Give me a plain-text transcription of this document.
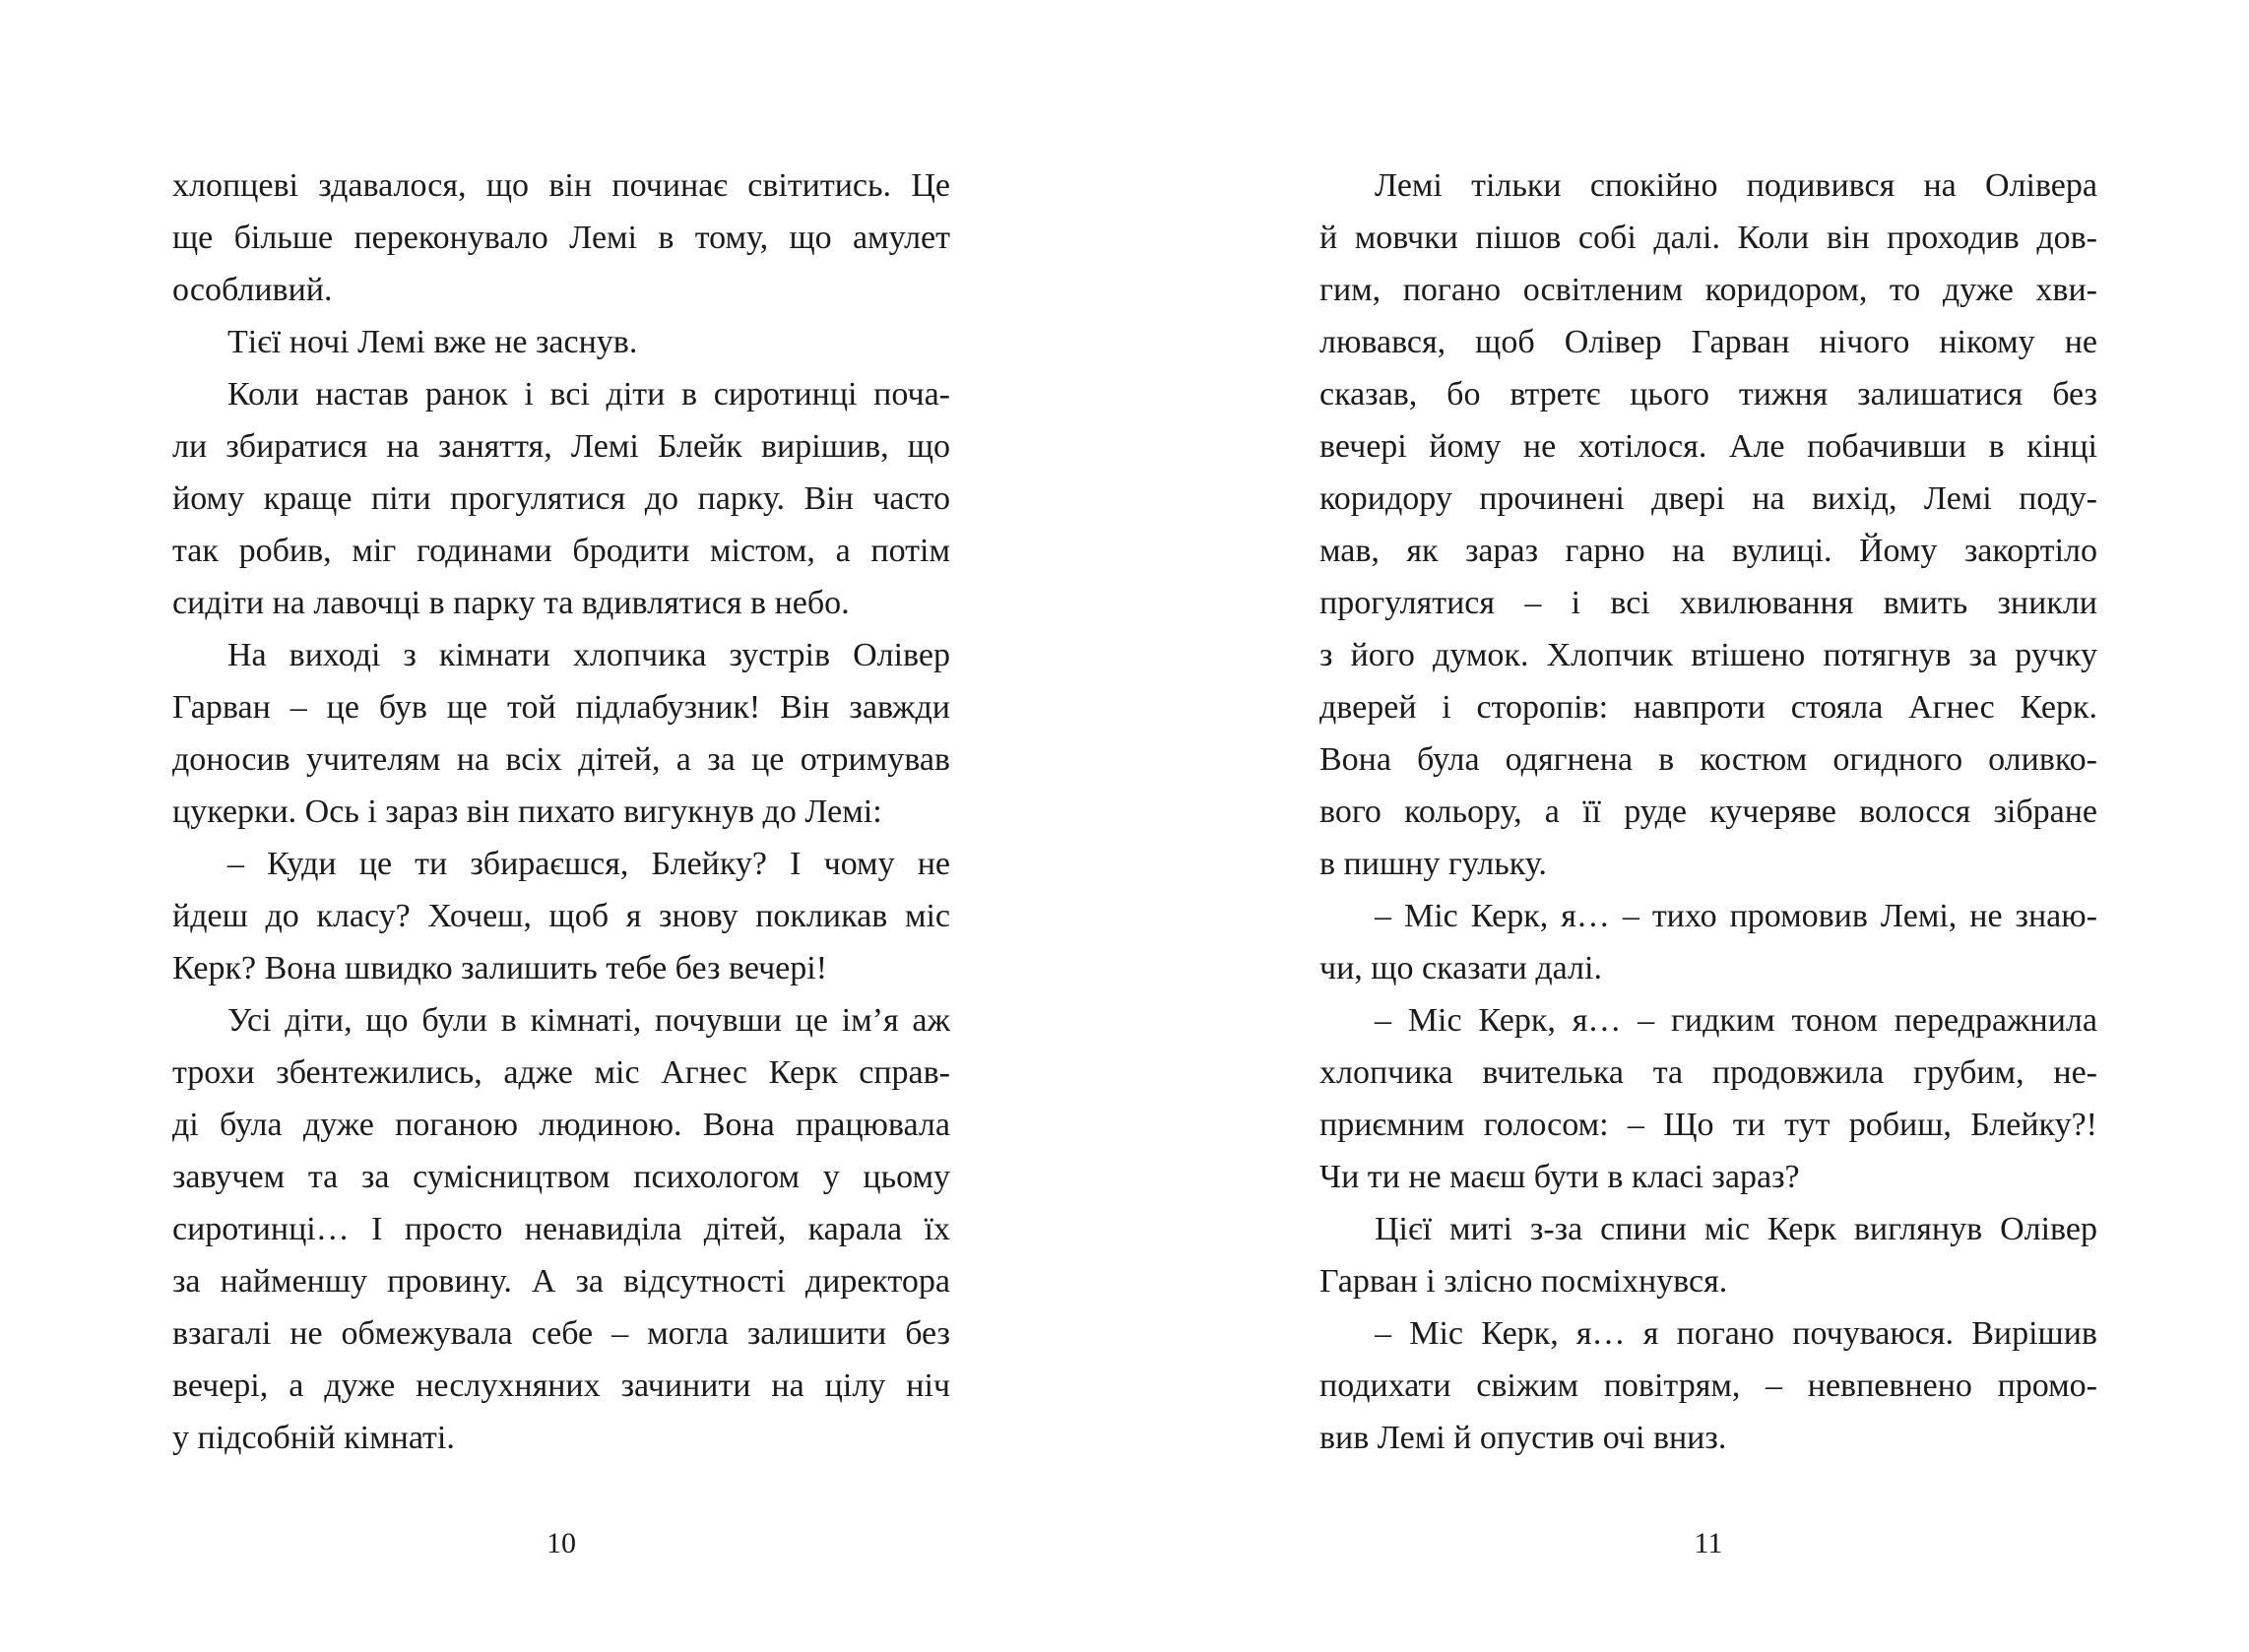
хлопцеві здавалося, що він починає світитись. Це
ще більше переконувало Лемі в тому, що амулет
особливий.
Тієї ночі Лемі вже не заснув.
Коли настав ранок і всі діти в сиротинці поча-
ли збиратися на заняття, Лемі Блейк вирішив, що
йому краще піти прогулятися до парку. Він часто
так робив, міг годинами бродити містом, а потім
сидіти на лавочці в парку та вдивлятися в небо.
На виході з кімнати хлопчика зустрів Олівер
Гарван – це був ще той підлабузник! Він завжди
доносив учителям на всіх дітей, а за це отримував
цукерки. Ось і зараз він пихато вигукнув до Лемі:
– Куди це ти збираєшся, Блейку? І чому не
йдеш до класу? Хочеш, щоб я знову покликав міс
Керк? Вона швидко залишить тебе без вечері!
Усі діти, що були в кімнаті, почувши це ім’я аж
трохи збентежились, адже міс Агнес Керк справ-
ді була дуже поганою людиною. Вона працювала
завучем та за сумісництвом психологом у цьому
сиротинці… І просто ненавиділа дітей, карала їх
за найменшу провину. А за відсутності директора
взагалі не обмежувала себе – могла залишити без
вечері, а дуже неслухняних зачинити на цілу ніч
у підсобній кімнаті.
10
Лемі тільки спокійно подивився на Олівера
й мовчки пішов собі далі. Коли він проходив дов-
гим, погано освітленим коридором, то дуже хви-
лювався, щоб Олівер Гарван нічого нікому не
сказав, бо втретє цього тижня залишатися без
вечері йому не хотілося. Але побачивши в кінці
коридору прочинені двері на вихід, Лемі поду-
мав, як зараз гарно на вулиці. Йому закортіло
прогулятися – і всі хвилювання вмить зникли
з його думок. Хлопчик втішено потягнув за ручку
дверей і сторопів: навпроти стояла Агнес Керк.
Вона була одягнена в костюм огидного оливко-
вого кольору, а її руде кучеряве волосся зібране
в пишну гульку.
– Міс Керк, я… – тихо промовив Лемі, не знаю-
чи, що сказати далі.
– Міс Керк, я… – гидким тоном передражнила
хлопчика вчителька та продовжила грубим, не-
приємним голосом: – Що ти тут робиш, Блейку?!
Чи ти не маєш бути в класі зараз?
Цієї миті з-за спини міс Керк виглянув Олівер
Гарван і злісно посміхнувся.
– Міс Керк, я… я погано почуваюся. Вирішив
подихати свіжим повітрям, – невпевнено промо-
вив Лемі й опустив очі вниз.
11
